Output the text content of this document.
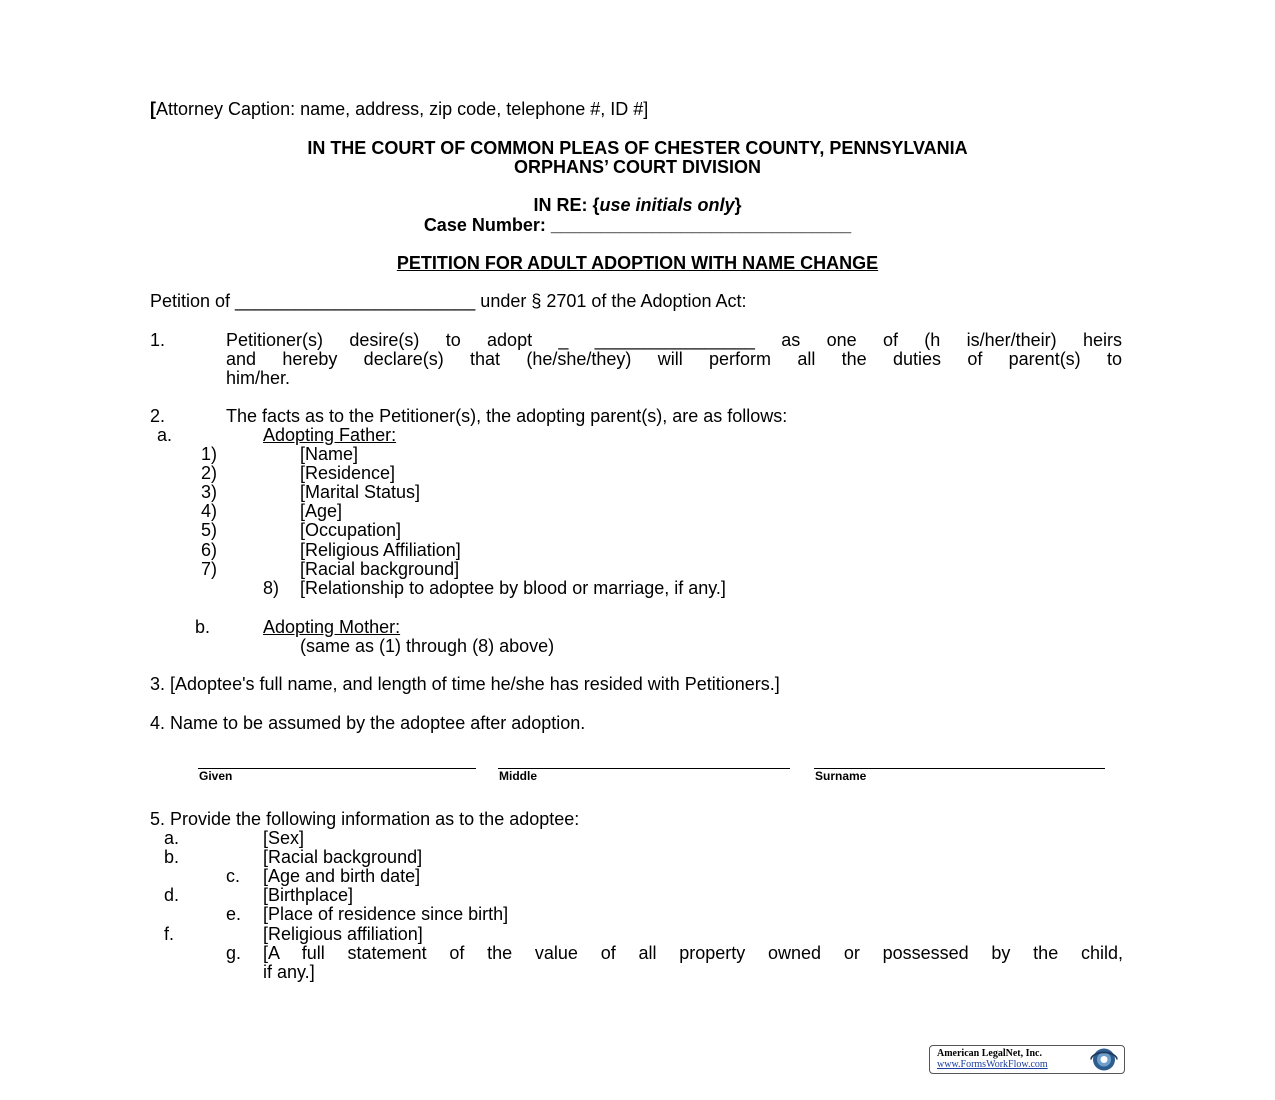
[Attorney Caption: name, address, zip code, telephone #, ID #]
IN THE COURT OF COMMON PLEAS OF CHESTER COUNTY, PENNSYLVANIA
ORPHANS’ COURT DIVISION
IN RE: {use initials only}
Case Number: ______________________________
PETITION FOR ADULT ADOPTION WITH NAME CHANGE
Petition of ________________________ under § 2701 of the Adoption Act:
1.	Petitioner(s) desire(s) to adopt _ ________________ as one of (h is/her/their) heirs
and hereby declare(s) that (he/she/they) will perform all the duties of parent(s) to
him/her.
2.	The facts as to the Petitioner(s), the adopting parent(s), are as follows:
a.	Adopting Father:
1)	[Name]
2)	[Residence]
3)	[Marital Status]
4)	[Age]
5)	[Occupation]
6)	[Religious Affiliation]
7)	[Racial background]
8) [Relationship to adoptee by blood or marriage, if any.]
b.	Adopting Mother:
(same as (1) through (8) above)
3. [Adoptee's full name, and length of time he/she has resided with Petitioners.]
4. Name to be assumed by the adoptee after adoption.
Given	Middle	Surname
5. Provide the following information as to the adoptee:
a.	[Sex]
b.	[Racial background]
c. [Age and birth date]
d.	[Birthplace]
e. [Place of residence since birth]
f.	[Religious affiliation]
g. [A full statement of the value of all property owned or possessed by the child,
if any.]
American LegalNet, Inc.
www.FormsWorkFlow.com
